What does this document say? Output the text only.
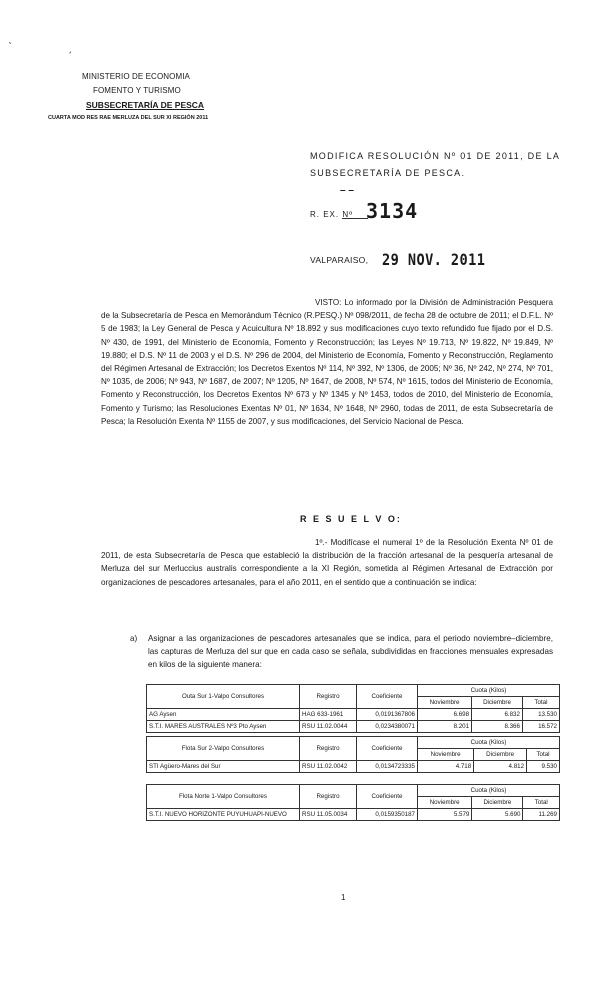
ˋ	ˏ
MINISTERIO DE ECONOMIA
FOMENTO Y TURISMO
SUBSECRETARÍA DE PESCA
CUARTA MOD RES RAE MERLUZA DEL SUR XI REGIÓN 2011
MODIFICA RESOLUCIÓN Nº 01 DE 2011, DE LA
SUBSECRETARÍA DE PESCA.
– –
R. EX. Nº 3134
VALPARAISO, 29 NOV. 2011
VISTO: Lo informado por la División de Administración Pesquera de la Subsecretaría de Pesca en Memorándum Técnico (R.PESQ.) Nº 098/2011, de fecha 28 de octubre de 2011; el D.F.L. Nº 5 de 1983; la Ley General de Pesca y Acuicultura Nº 18.892 y sus modificaciones cuyo texto refundido fue fijado por el D.S. Nº 430, de 1991, del Ministerio de Economía, Fomento y Reconstrucción; las Leyes Nº 19.713, Nº 19.822, Nº 19.849, Nº 19.880; el D.S. Nº 11 de 2003 y el D.S. Nº 296 de 2004, del Ministerio de Economía, Fomento y Reconstrucción, Reglamento del Régimen Artesanal de Extracción; los Decretos Exentos Nº 114, Nº 392, Nº 1306, de 2005; Nº 36, Nº 242, Nº 274, Nº 701, Nº 1035, de 2006; Nº 943, Nº 1687, de 2007; Nº 1205, Nº 1647, de 2008, Nº 574, Nº 1615, todos del Ministerio de Economía, Fomento y Reconstrucción, los Decretos Exentos Nº 673 y Nº 1345 y Nº 1453, todos de 2010, del Ministerio de Economía, Fomento y Turismo; las Resoluciones Exentas Nº 01, Nº 1634, Nº 1648, Nº 2960, todas de 2011, de esta Subsecretaría de Pesca; la Resolución Exenta Nº 1155 de 2007, y sus modificaciones, del Servicio Nacional de Pesca.
R E S U E L V O:
1º.- Modifícase el numeral 1º de la Resolución Exenta Nº 01 de 2011, de esta Subsecretaría de Pesca que estableció la distribución de la fracción artesanal de la pesquería artesanal de Merluza del sur Merluccius australis correspondiente a la XI Región, sometida al Régimen Artesanal de Extracción por organizaciones de pescadores artesanales, para el año 2011, en el sentido que a continuación se indica:
a) Asignar a las organizaciones de pescadores artesanales que se indica, para el periodo noviembre–diciembre, las capturas de Merluza del sur que en cada caso se señala, subdivididas en fracciones mensuales expresadas en kilos de la siguiente manera:
Outa Sur 1-Valpo Consultores	Registro	Coeficiente	Cuota (Kilos)		
			Noviembre	Diciembre	Total
AG Aysen	HAG 633-1961	0,0191367806	6.698	6.832	13.530
S.T.I. MARES AUSTRALES Nº3 Pto Aysen	RSU 11.02.0044	0,0234380071	8.201	8.366	16.572
Flota Sur 2-Valpo Consultores	Registro	Coeficiente	Cuota (Kilos)		
			Noviembre	Diciembre	Total
STI Agüero-Mares del Sur	RSU 11.02.0042	0,0134723335	4.718	4.812	9.530
Flota Norte 1-Valpo Consultores	Registro	Coeficiente	Cuota (Kilos)		
			Noviembre	Diciembre	Total
S.T.I. NUEVO HORIZONTE PUYUHUAPI-NUEVO	RSU 11.05.0034	0,0159350187	5.579	5.690	11.269
1
